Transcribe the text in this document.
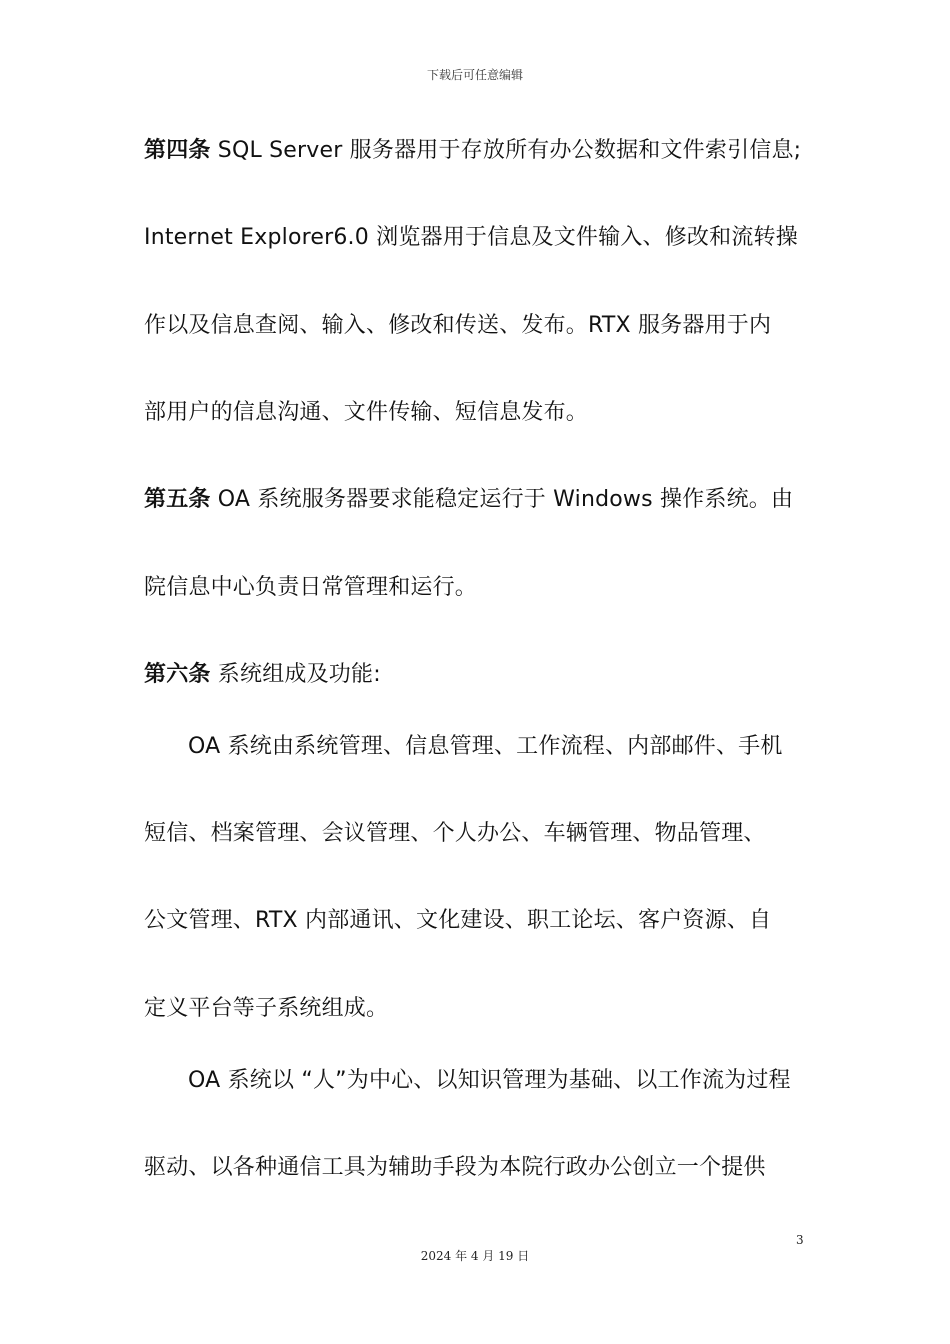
下载后可任意编辑
第四条 SQL Server 服务器用于存放所有办公数据和文件索引信息;
Internet Explorer6.0 浏览器用于信息及文件输入、修改和流转操
作以及信息查阅、输入、修改和传送、发布。RTX 服务器用于内
部用户的信息沟通、文件传输、短信息发布。
第五条 OA 系统服务器要求能稳定运行于 Windows 操作系统。由
院信息中心负责日常管理和运行。
第六条 系统组成及功能:
OA 系统由系统管理、信息管理、工作流程、内部邮件、手机
短信、档案管理、会议管理、个人办公、车辆管理、物品管理、
公文管理、RTX 内部通讯、文化建设、职工论坛、客户资源、自
定义平台等子系统组成。
OA 系统以 “人”为中心、以知识管理为基础、以工作流为过程
驱动、以各种通信工具为辅助手段为本院行政办公创立一个提供
3
2024 年 4 月 19 日
